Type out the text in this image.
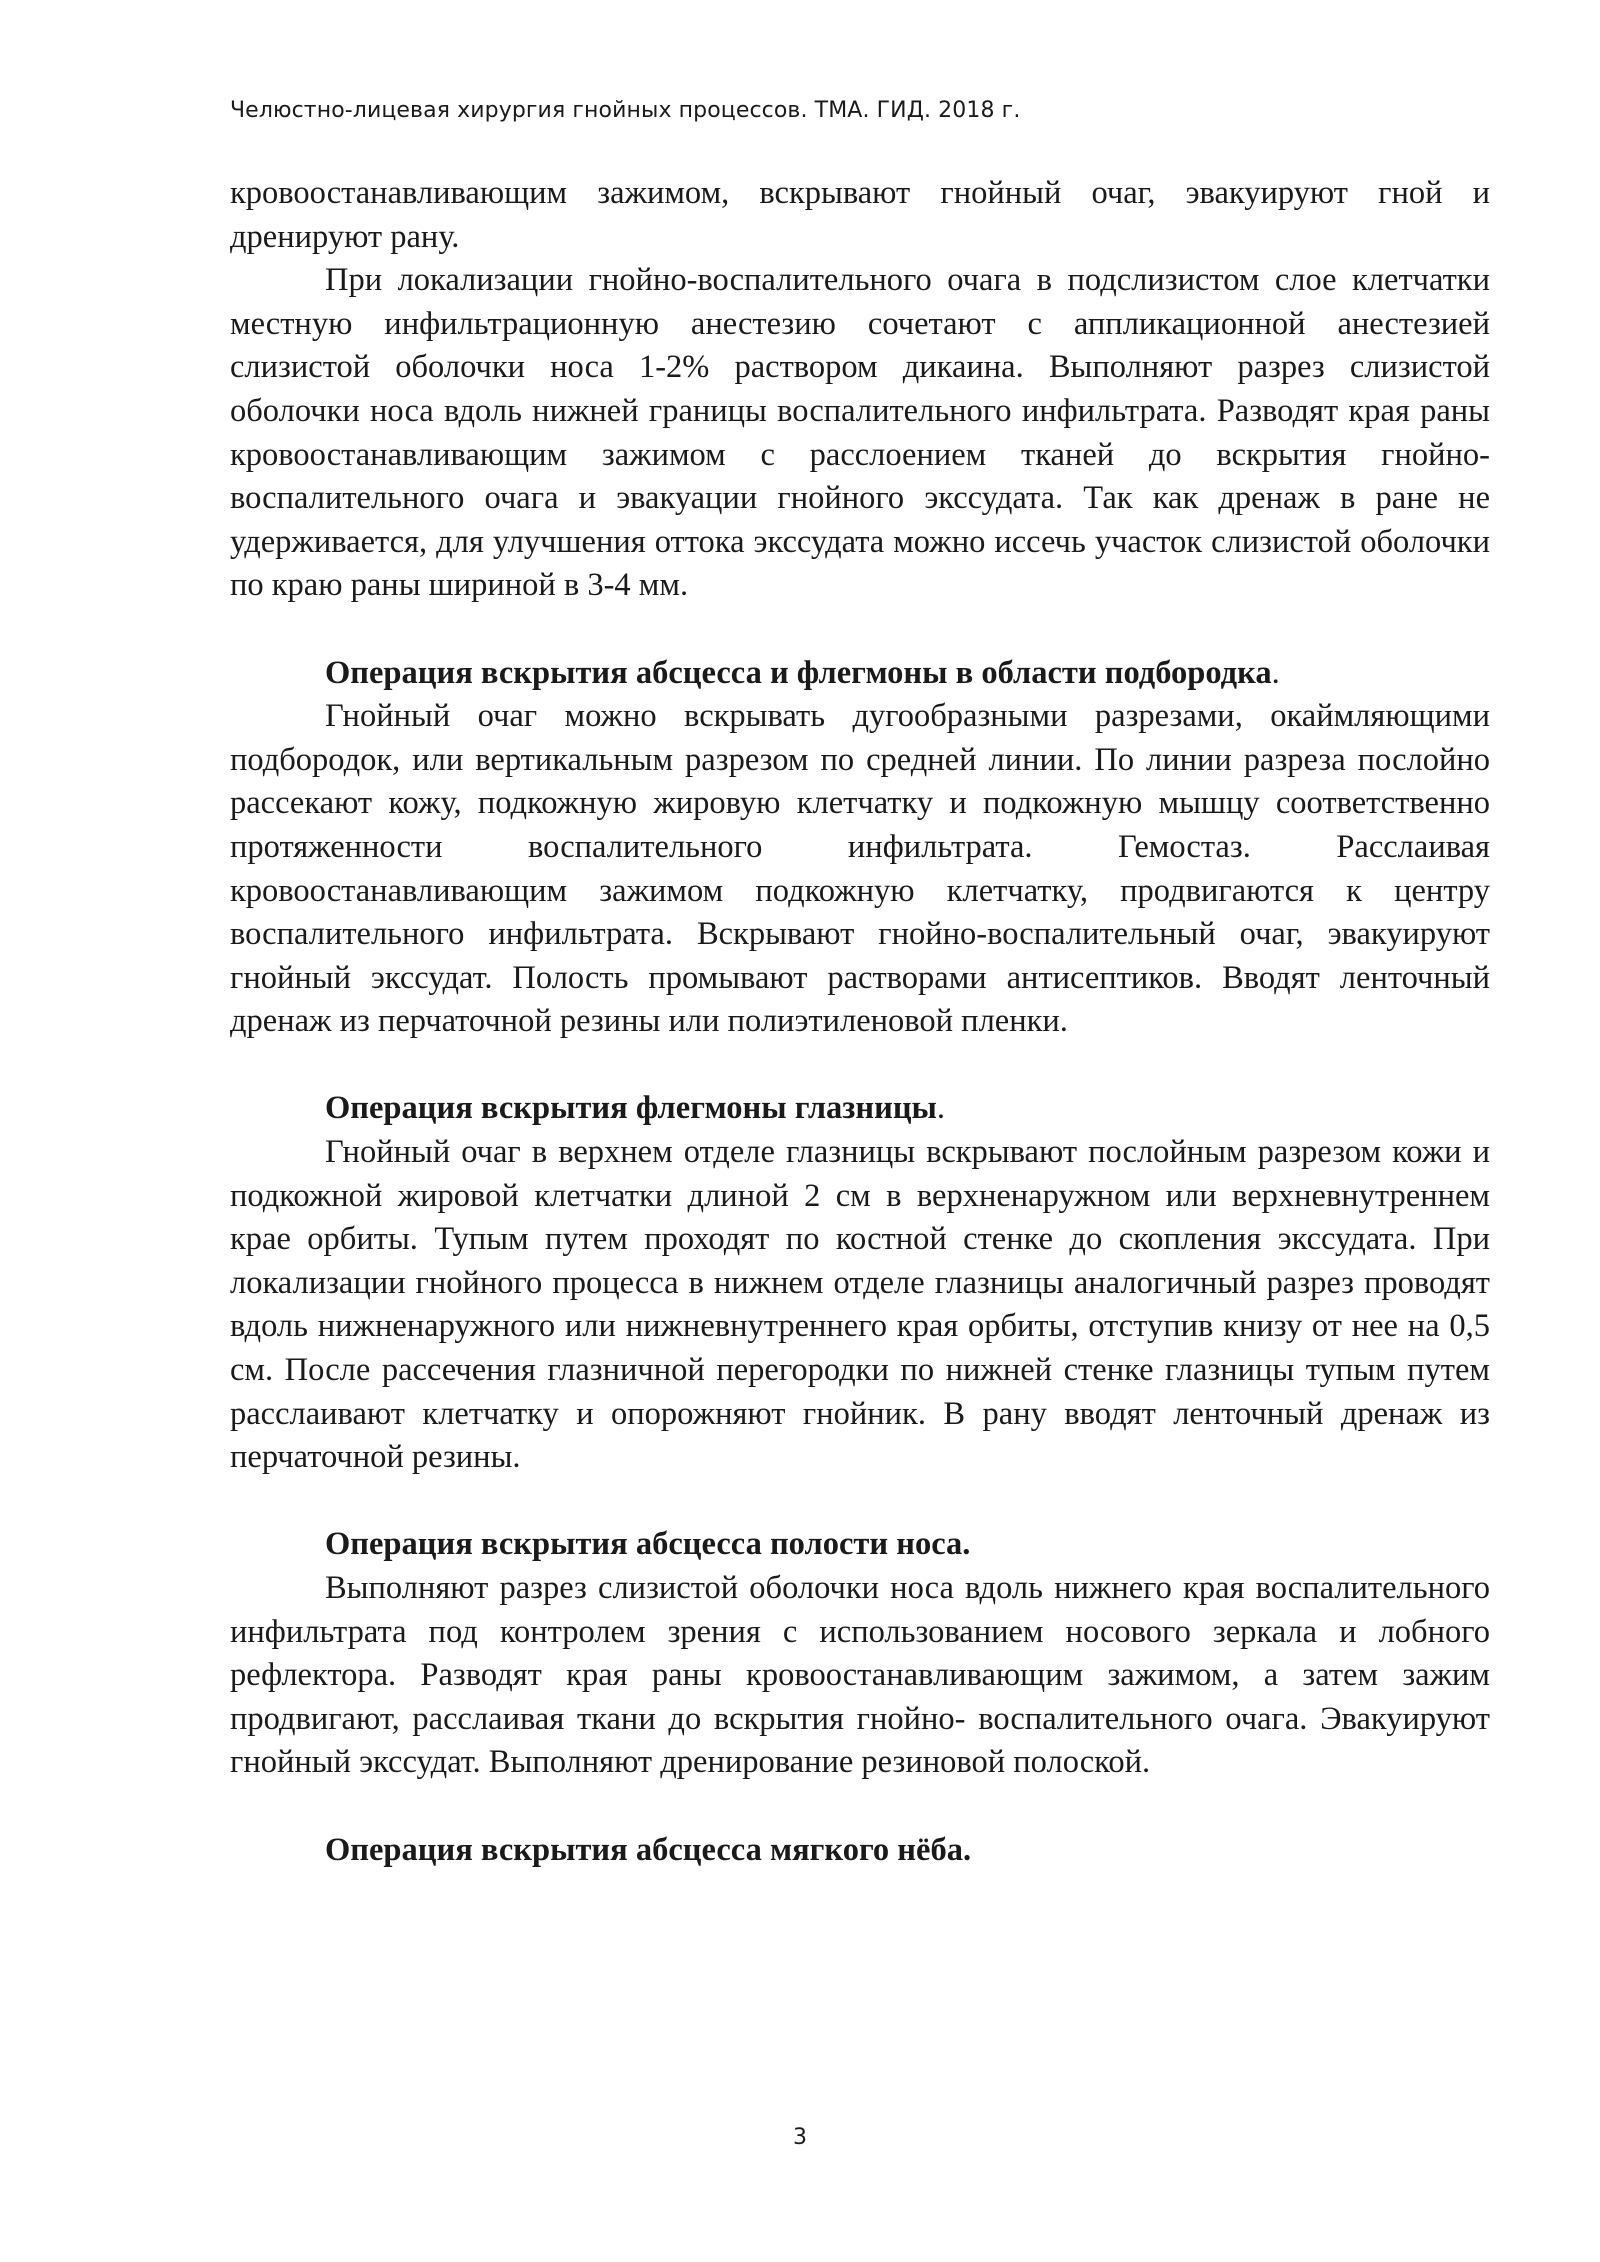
Челюстно-лицевая хирургия гнойных процессов. ТМА. ГИД. 2018 г.

кровоостанавливающим зажимом, вскрывают гнойный очаг, эвакуируют гной и дренируют рану.

При локализации гнойно-воспалительного очага в подслизистом слое клетчатки местную инфильтрационную анестезию сочетают с аппликационной анестезией слизистой оболочки носа 1-2% раствором дикаина. Выполняют разрез слизистой оболочки носа вдоль нижней границы воспалительного инфильтрата. Разводят края раны кровоостанавливающим зажимом с расслоением тканей до вскрытия гнойно-воспалительного очага и эвакуации гнойного экссудата. Так как дренаж в ране не удерживается, для улучшения оттока экссудата можно иссечь участок слизистой оболочки по краю раны шириной в 3-4 мм.

Операция вскрытия абсцесса и флегмоны в области подбородка.

Гнойный очаг можно вскрывать дугообразными разрезами, окаймляющими подбородок, или вертикальным разрезом по средней линии. По линии разреза послойно рассекают кожу, подкожную жировую клетчатку и подкожную мышцу соответственно протяженности воспалительного инфильтрата. Гемостаз. Расслаивая кровоостанавливающим зажимом подкожную клетчатку, продвигаются к центру воспалительного инфильтрата. Вскрывают гнойно-воспалительный очаг, эвакуируют гнойный экссудат. Полость промывают растворами антисептиков. Вводят ленточный дренаж из перчаточной резины или полиэтиленовой пленки.

Операция вскрытия флегмоны глазницы.

Гнойный очаг в верхнем отделе глазницы вскрывают послойным разрезом кожи и подкожной жировой клетчатки длиной 2 см в верхненаружном или верхневнутреннем крае орбиты. Тупым путем проходят по костной стенке до скопления экссудата. При локализации гнойного процесса в нижнем отделе глазницы аналогичный разрез проводят вдоль нижненаружного или нижневнутреннего края орбиты, отступив книзу от нее на 0,5 см. После рассечения глазничной перегородки по нижней стенке глазницы тупым путем расслаивают клетчатку и опорожняют гнойник. В рану вводят ленточный дренаж из перчаточной резины.

Операция вскрытия абсцесса полости носа.

Выполняют разрез слизистой оболочки носа вдоль нижнего края воспалительного инфильтрата под контролем зрения с использованием носового зеркала и лобного рефлектора. Разводят края раны кровоостанавливающим зажимом, а затем зажим продвигают, расслаивая ткани до вскрытия гнойно- воспалительного очага. Эвакуируют гнойный экссудат. Выполняют дренирование резиновой полоской.

Операция вскрытия абсцесса мягкого нёба.
3
